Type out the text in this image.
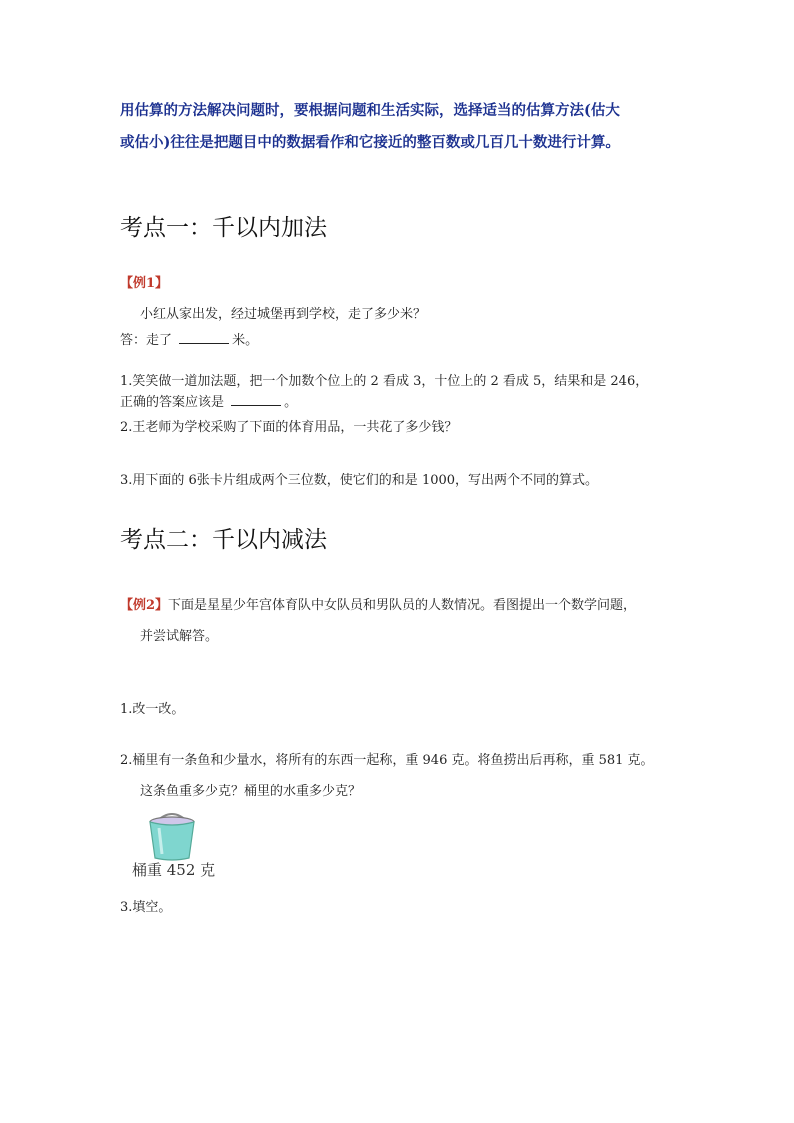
用估算的方法解决问题时，要根据问题和生活实际，选择适当的估算方法(估大
或估小)往往是把题目中的数据看作和它接近的整百数或几百几十数进行计算。
考点一：千以内加法
【例1】
小红从家出发，经过城堡再到学校，走了多少米？
答：走了	米。
1.笑笑做一道加法题，把一个加数个位上的 2 看成 3，十位上的 2 看成 5，结果和是 246，
正确的答案应该是	。
2.王老师为学校采购了下面的体育用品，一共花了多少钱？
3.用下面的 6张卡片组成两个三位数，使它们的和是 1000，写出两个不同的算式。
考点二：千以内减法
【例2】下面是星星少年宫体育队中女队员和男队员的人数情况。看图提出一个数学问题，
并尝试解答。
1.改一改。
2.桶里有一条鱼和少量水，将所有的东西一起称，重 946 克。将鱼捞出后再称，重 581 克。
这条鱼重多少克？桶里的水重多少克？
桶重 452 克
3.填空。
